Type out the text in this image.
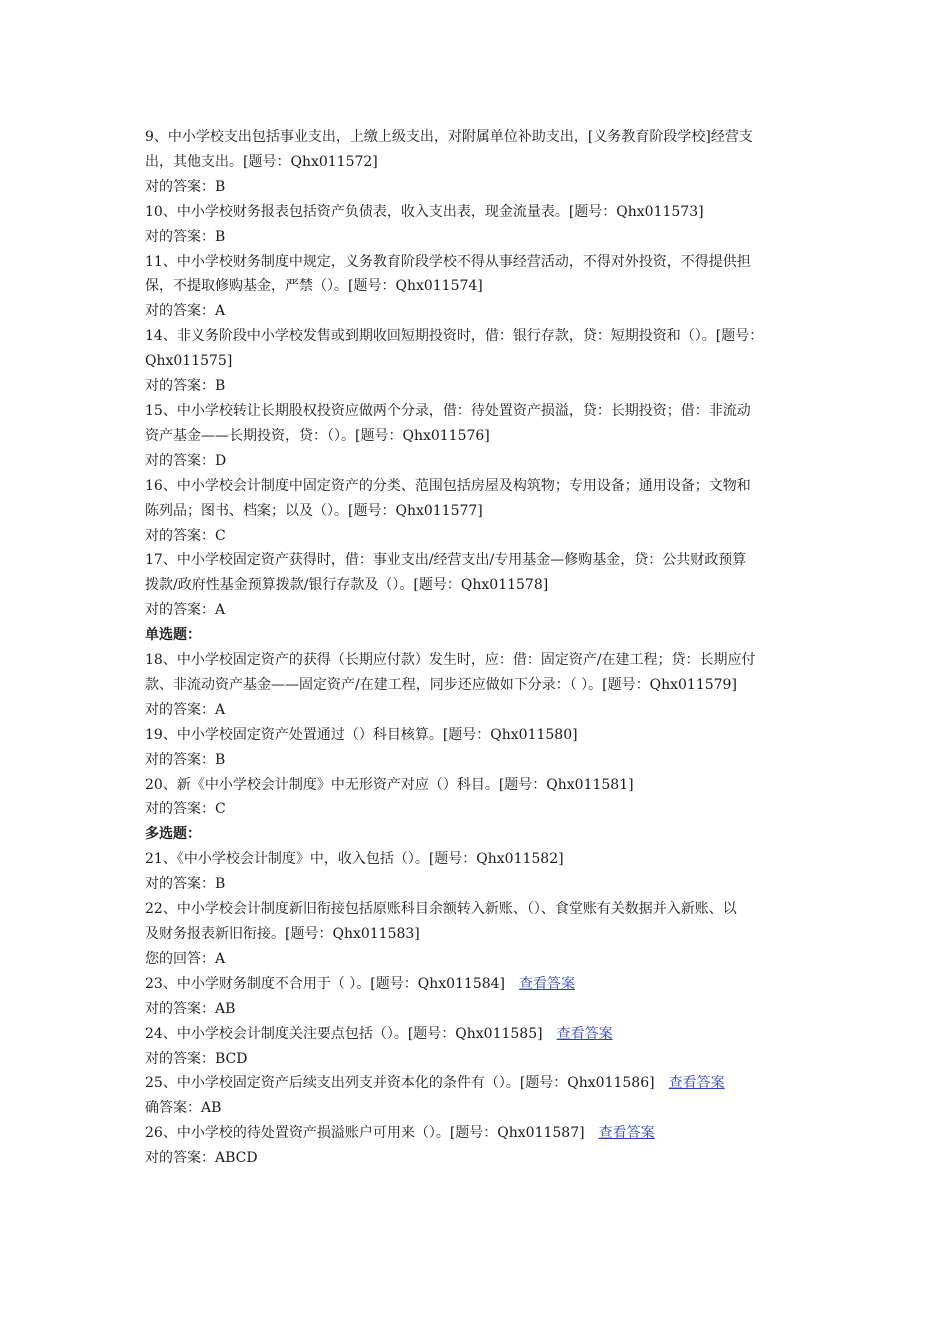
9、中小学校支出包括事业支出，上缴上级支出，对附属单位补助支出，[义务教育阶段学校]经营支
出，其他支出。[题号：Qhx011572]
对的答案：B
10、中小学校财务报表包括资产负债表，收入支出表，现金流量表。[题号：Qhx011573]
对的答案：B
11、中小学校财务制度中规定，义务教育阶段学校不得从事经营活动，不得对外投资，不得提供担
保，不提取修购基金，严禁（）。[题号：Qhx011574]
对的答案：A
14、非义务阶段中小学校发售或到期收回短期投资时，借：银行存款，贷：短期投资和（）。[题号：
Qhx011575]
对的答案：B
15、中小学校转让长期股权投资应做两个分录，借：待处置资产损溢，贷：长期投资；借：非流动
资产基金——长期投资，贷：（）。[题号：Qhx011576]
对的答案：D
16、中小学校会计制度中固定资产的分类、范围包括房屋及构筑物；专用设备；通用设备；文物和
陈列品；图书、档案；以及（）。[题号：Qhx011577]
对的答案：C
17、中小学校固定资产获得时，借：事业支出/经营支出/专用基金—修购基金，贷：公共财政预算
拨款/政府性基金预算拨款/银行存款及（）。[题号：Qhx011578]
对的答案：A
单选题：
18、中小学校固定资产的获得（长期应付款）发生时，应：借：固定资产/在建工程；贷：长期应付
款、非流动资产基金——固定资产/在建工程，同步还应做如下分录：（ ）。[题号：Qhx011579]
对的答案：A
19、中小学校固定资产处置通过（）科目核算。[题号：Qhx011580]
对的答案：B
20、新《中小学校会计制度》中无形资产对应（）科目。[题号：Qhx011581]
对的答案：C
多选题：
21、《中小学校会计制度》中，收入包括（）。[题号：Qhx011582]
对的答案：B
22、中小学校会计制度新旧衔接包括原账科目余额转入新账、（）、食堂账有关数据并入新账、以
及财务报表新旧衔接。[题号：Qhx011583]
您的回答：A
23、中小学财务制度不合用于（ ）。[题号：Qhx011584] 查看答案
对的答案：AB
24、中小学校会计制度关注要点包括（）。[题号：Qhx011585] 查看答案
对的答案：BCD
25、中小学校固定资产后续支出列支并资本化的条件有（）。[题号：Qhx011586] 查看答案
确答案：AB
26、中小学校的待处置资产损溢账户可用来（）。[题号：Qhx011587] 查看答案
对的答案：ABCD
